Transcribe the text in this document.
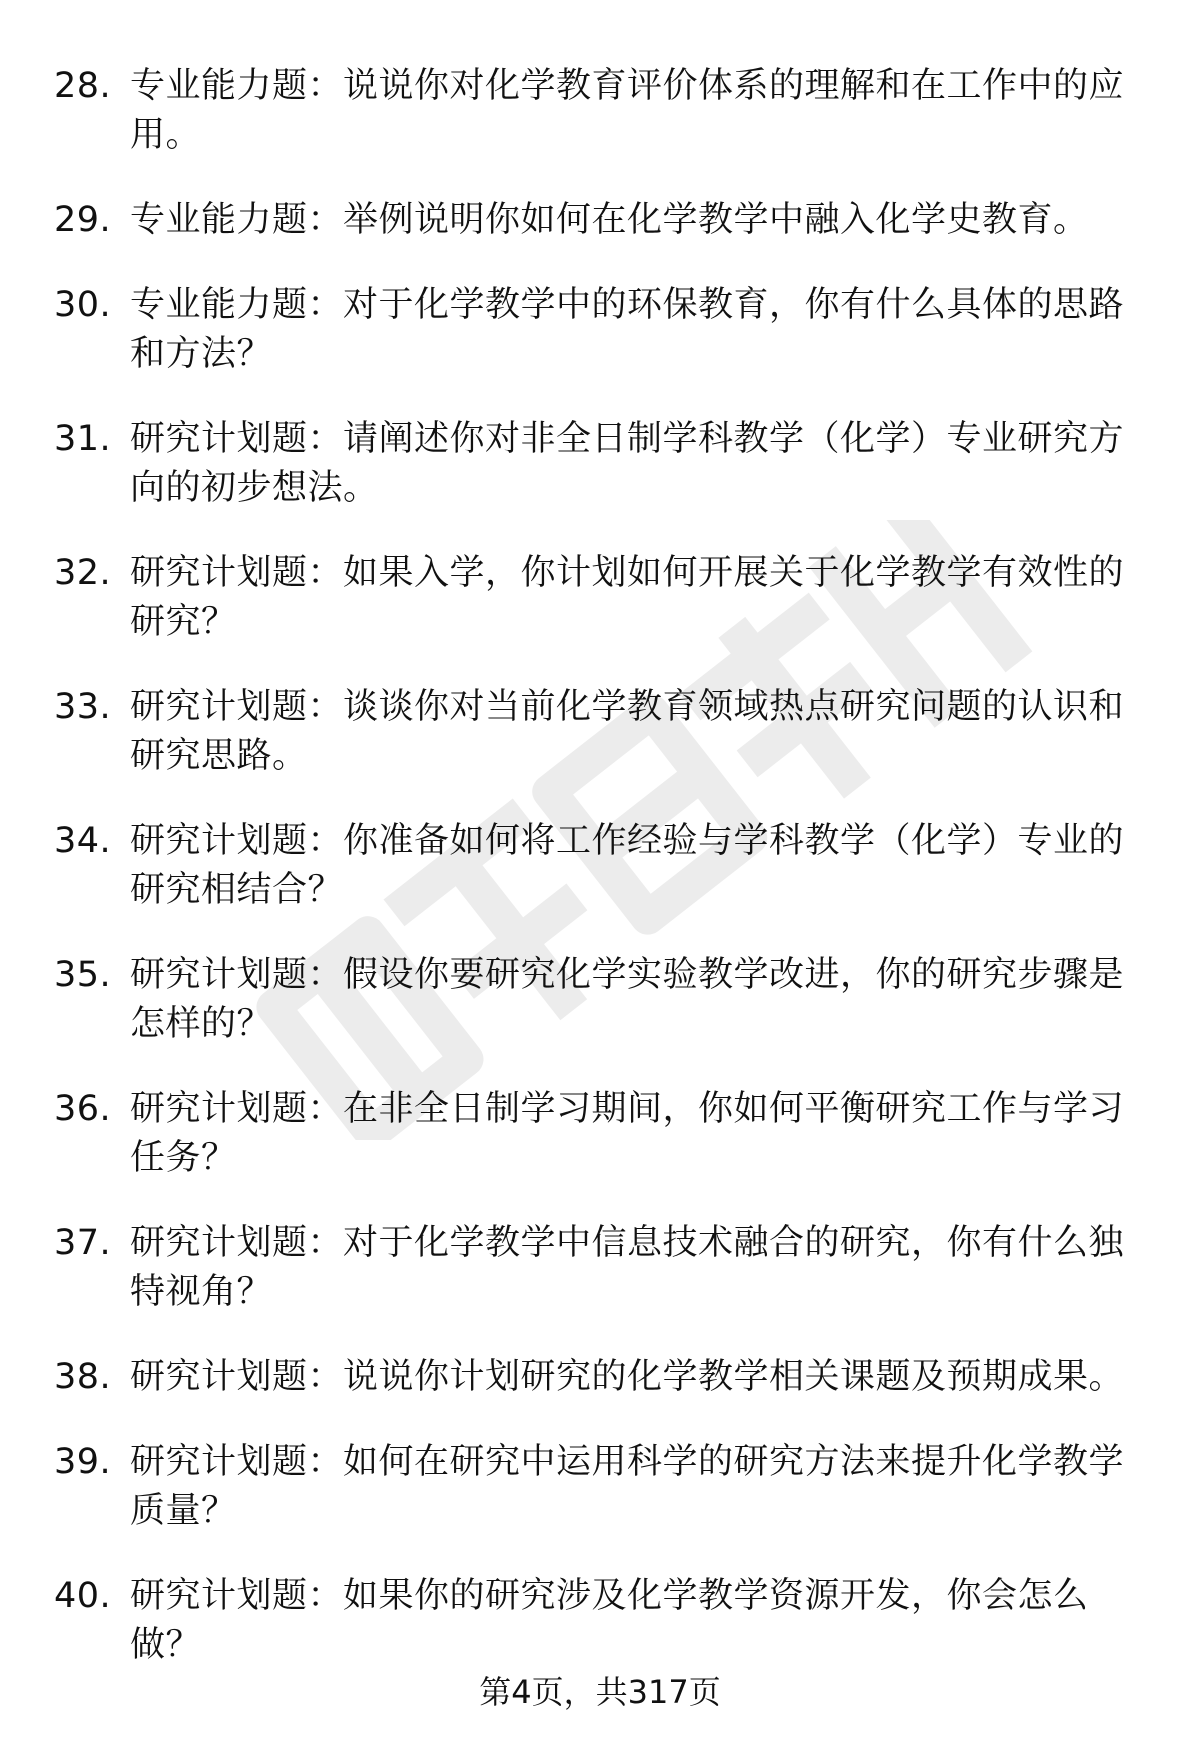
28. 专业能力题：说说你对化学教育评价体系的理解和在工作中的应用。
29. 专业能力题：举例说明你如何在化学教学中融入化学史教育。
30. 专业能力题：对于化学教学中的环保教育，你有什么具体的思路和方法？
31. 研究计划题：请阐述你对非全日制学科教学（化学）专业研究方向的初步想法。
32. 研究计划题：如果入学，你计划如何开展关于化学教学有效性的研究？
33. 研究计划题：谈谈你对当前化学教育领域热点研究问题的认识和研究思路。
34. 研究计划题：你准备如何将工作经验与学科教学（化学）专业的研究相结合？
35. 研究计划题：假设你要研究化学实验教学改进，你的研究步骤是怎样的？
36. 研究计划题：在非全日制学习期间，你如何平衡研究工作与学习任务？
37. 研究计划题：对于化学教学中信息技术融合的研究，你有什么独特视角？
38. 研究计划题：说说你计划研究的化学教学相关课题及预期成果。
39. 研究计划题：如何在研究中运用科学的研究方法来提升化学教学质量？
40. 研究计划题：如果你的研究涉及化学教学资源开发，你会怎么做？
第4页，共317页
